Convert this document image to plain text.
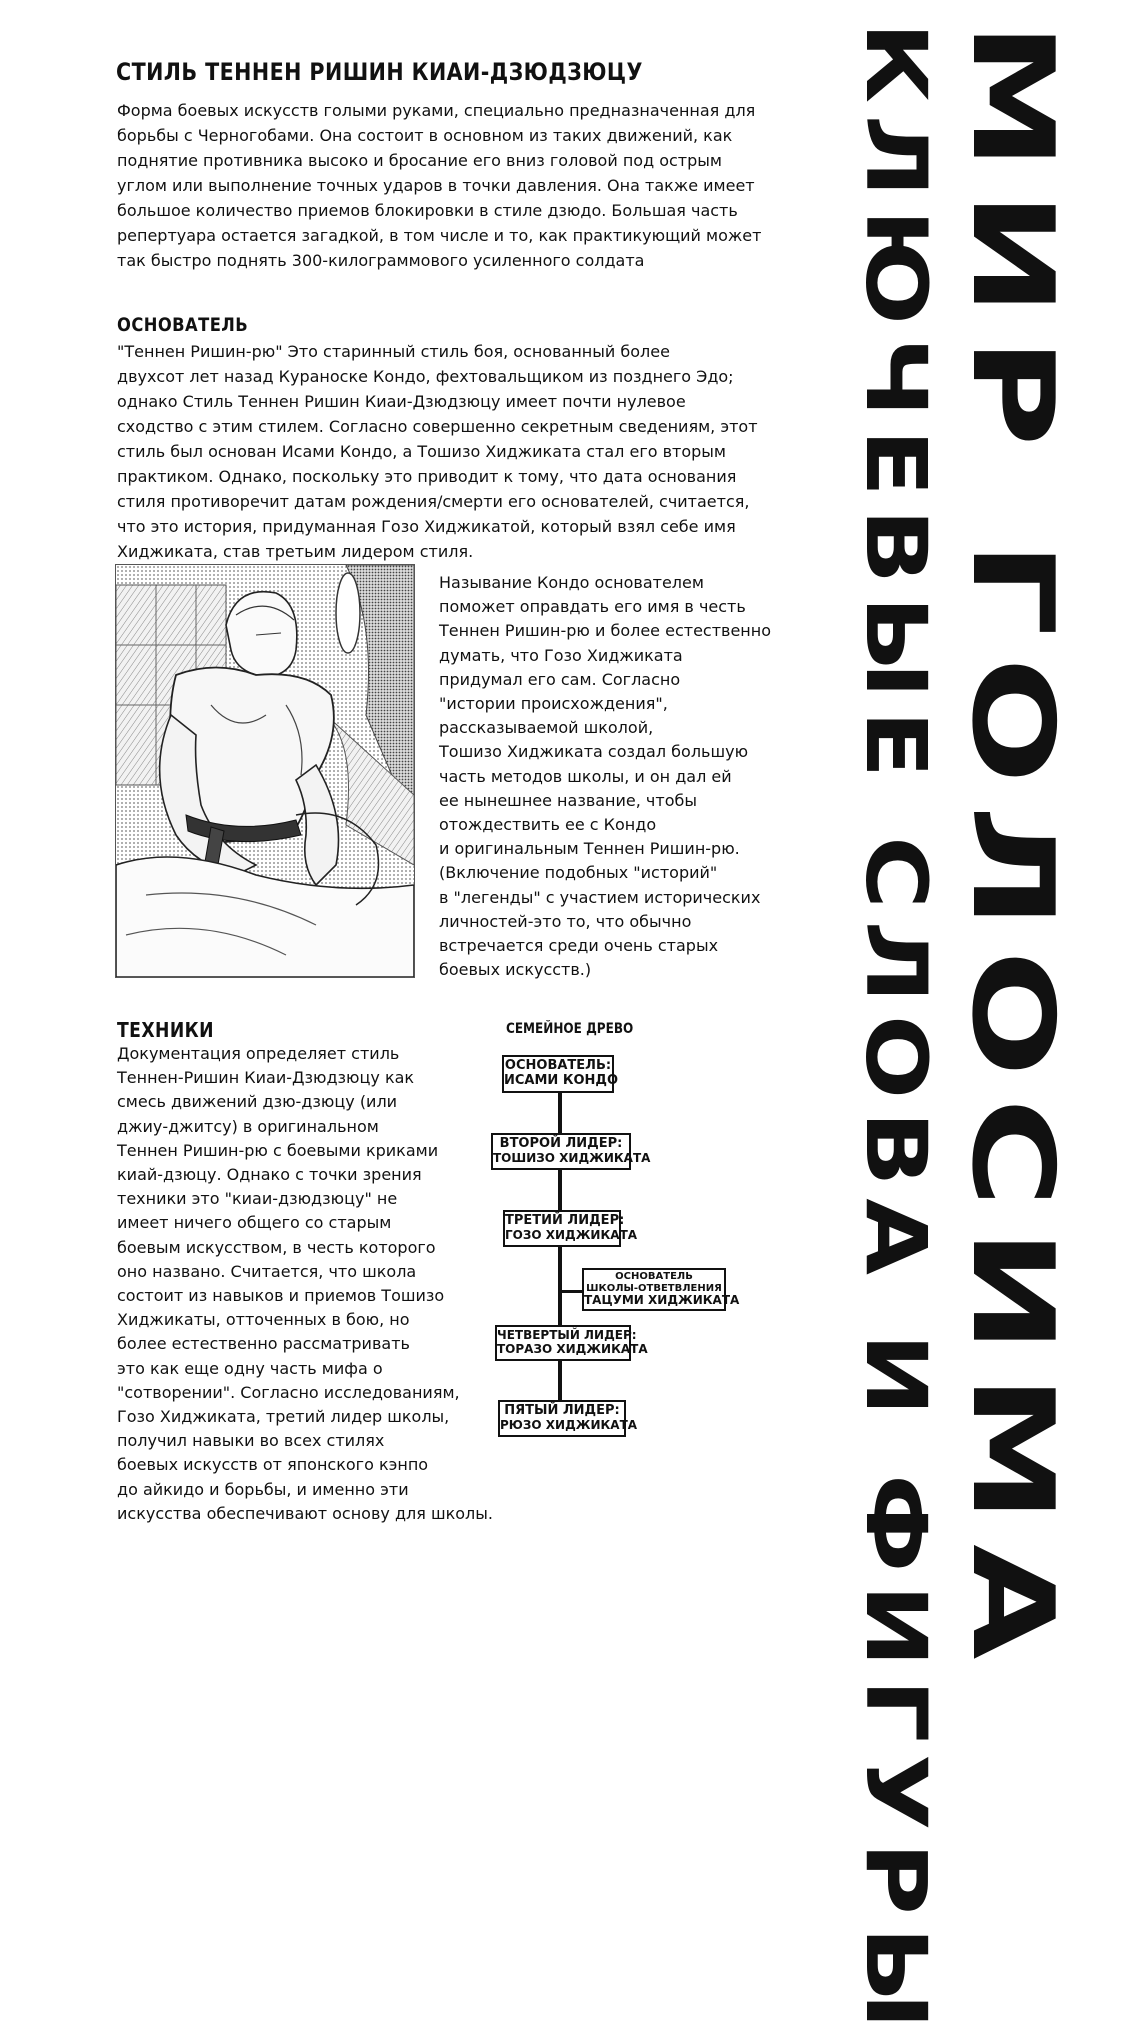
СТИЛЬ ТЕННЕН РИШИН КИАИ-ДЗЮДЗЮЦУ

Форма боевых искусств голыми руками, специально предназначенная для

борьбы с Черногобами. Она состоит в основном из таких движений, как

поднятие противника высоко и бросание его вниз головой под острым

углом или выполнение точных ударов в точки давления. Она также имеет

большое количество приемов блокировки в стиле дзюдо. Большая часть

репертуара остается загадкой, в том числе и то, как практикующий может

так быстро поднять 300-килограммового усиленного солдата

ОСНОВАТЕЛЬ

"Теннен Ришин-рю" Это старинный стиль боя, основанный более

двухсот лет назад Кураноске Кондо, фехтовальщиком из позднего Эдо;

однако Стиль Теннен Ришин Киаи-Дзюдзюцу имеет почти нулевое

сходство с этим стилем. Согласно совершенно секретным сведениям, этот

стиль был основан Исами Кондо, а Тошизо Хиджиката стал его вторым

практиком. Однако, поскольку это приводит к тому, что дата основания

стиля противоречит датам рождения/смерти его основателей, считается,

что это история, придуманная Гозо Хиджикатой, который взял себе имя

Хиджиката, став третьим лидером стиля.

Называние Кондо основателем

поможет оправдать его имя в честь

Теннен Ришин-рю и более естественно

думать, что Гозо Хиджиката

придумал его сам. Согласно

"истории происхождения",

рассказываемой школой,

Тошизо Хиджиката создал большую

часть методов школы, и он дал ей

ее нынешнее название, чтобы

отождествить ее с Кондо

и оригинальным Теннен Ришин-рю.

(Включение подобных "историй"

в "легенды" с участием исторических

личностей-это то, что обычно

встречается среди очень старых

боевых искусств.)

ТЕХНИКИ

Документация определяет стиль

Теннен-Ришин Киаи-Дзюдзюцу как

смесь движений дзю-дзюцу (или

джиу-джитсу) в оригинальном

Теннен Ришин-рю с боевыми криками

киай-дзюцу. Однако с точки зрения

техники это "киаи-дзюдзюцу" не

имеет ничего общего со старым

боевым искусством, в честь которого

оно названо. Считается, что школа

состоит из навыков и приемов Тошизо

Хиджикаты, отточенных в бою, но

более естественно рассматривать

это как еще одну часть мифа о

"сотворении". Согласно исследованиям,

Гозо Хиджиката, третий лидер школы,

получил навыки во всех стилях

боевых искусств от японского кэнпо

до айкидо и борьбы, и именно эти

искусства обеспечивают основу для школы.

СЕМЕЙНОЕ ДРЕВО
ОСНОВАТЕЛЬ:
ИСАМИ КОНДО
ВТОРОЙ ЛИДЕР:
ТОШИЗО ХИДЖИКАТА
ТРЕТИЙ ЛИДЕР:
ГОЗО ХИДЖИКАТА
ОСНОВАТЕЛЬ
ШКОЛЫ-ОТВЕТВЛЕНИЯ
ТАЦУМИ ХИДЖИКАТА
ЧЕТВЕРТЫЙ ЛИДЕР:
ТОРАЗО ХИДЖИКАТА
ПЯТЫЙ ЛИДЕР:
РЮЗО ХИДЖИКАТА КЛЮЧЕВЫЕ СЛОВА И ФИГУРЫ МИР ГОЛОСИМА
